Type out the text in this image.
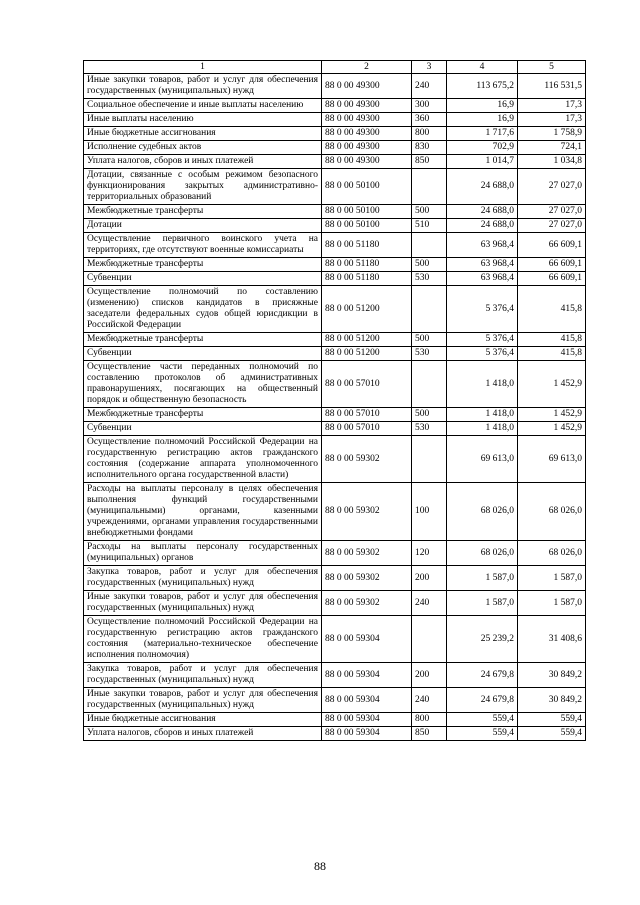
1	2	3	4	5
Иные закупки товаров, работ и услуг для обеспечения государственных (муниципальных) нужд	88 0 00 49300	240	113 675,2	116 531,5
Социальное обеспечение и иные выплаты населению	88 0 00 49300	300	16,9	17,3
Иные выплаты населению	88 0 00 49300	360	16,9	17,3
Иные бюджетные ассигнования	88 0 00 49300	800	1 717,6	1 758,9
Исполнение судебных актов	88 0 00 49300	830	702,9	724,1
Уплата налогов, сборов и иных платежей	88 0 00 49300	850	1 014,7	1 034,8
Дотации, связанные с особым режимом безопасного функционирования закрытых административно-территориальных образований	88 0 00 50100		24 688,0	27 027,0
Межбюджетные трансферты	88 0 00 50100	500	24 688,0	27 027,0
Дотации	88 0 00 50100	510	24 688,0	27 027,0
Осуществление первичного воинского учета на территориях, где отсутствуют военные комиссариаты	88 0 00 51180		63 968,4	66 609,1
Межбюджетные трансферты	88 0 00 51180	500	63 968,4	66 609,1
Субвенции	88 0 00 51180	530	63 968,4	66 609,1
Осуществление полномочий по составлению (изменению) списков кандидатов в присяжные заседатели федеральных судов общей юрисдикции в Российской Федерации	88 0 00 51200		5 376,4	415,8
Межбюджетные трансферты	88 0 00 51200	500	5 376,4	415,8
Субвенции	88 0 00 51200	530	5 376,4	415,8
Осуществление части переданных полномочий по составлению протоколов об административных правонарушениях, посягающих на общественный порядок и общественную безопасность	88 0 00 57010		1 418,0	1 452,9
Межбюджетные трансферты	88 0 00 57010	500	1 418,0	1 452,9
Субвенции	88 0 00 57010	530	1 418,0	1 452,9
Осуществление полномочий Российской Федерации на государственную регистрацию актов гражданского состояния (содержание аппарата уполномоченного исполнительного органа государственной власти)	88 0 00 59302		69 613,0	69 613,0
Расходы на выплаты персоналу в целях обеспечения выполнения функций государственными (муниципальными) органами, казенными учреждениями, органами управления государственными внебюджетными фондами	88 0 00 59302	100	68 026,0	68 026,0
Расходы на выплаты персоналу государственных (муниципальных) органов	88 0 00 59302	120	68 026,0	68 026,0
Закупка товаров, работ и услуг для обеспечения государственных (муниципальных) нужд	88 0 00 59302	200	1 587,0	1 587,0
Иные закупки товаров, работ и услуг для обеспечения государственных (муниципальных) нужд	88 0 00 59302	240	1 587,0	1 587,0
Осуществление полномочий Российской Федерации на государственную регистрацию актов гражданского состояния (материально-техническое обеспечение исполнения полномочия)	88 0 00 59304		25 239,2	31 408,6
Закупка товаров, работ и услуг для обеспечения государственных (муниципальных) нужд	88 0 00 59304	200	24 679,8	30 849,2
Иные закупки товаров, работ и услуг для обеспечения государственных (муниципальных) нужд	88 0 00 59304	240	24 679,8	30 849,2
Иные бюджетные ассигнования	88 0 00 59304	800	559,4	559,4
Уплата налогов, сборов и иных платежей	88 0 00 59304	850	559,4	559,4
88
